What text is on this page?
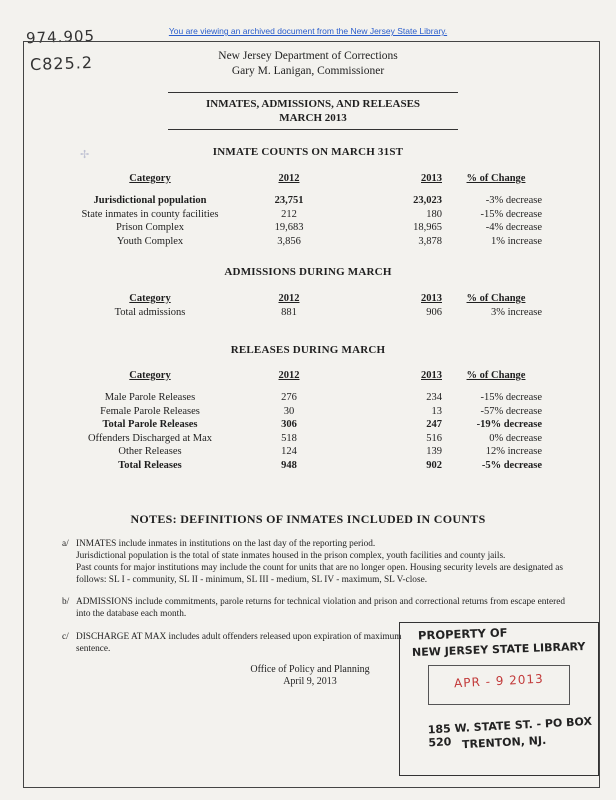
You are viewing an archived document from the New Jersey State Library.
974.905
C825.2	New Jersey Department of Corrections
Gary M. Lanigan, Commissioner
INMATES, ADMISSIONS, AND RELEASES
MARCH 2013
INMATE COUNTS ON MARCH 31ST
Category	2012	2013	% of Change
Jurisdictional population	23,751	23,023	-3% decrease
State inmates in county facilities	212	180	-15% decrease
Prison Complex	19,683	18,965	-4% decrease
Youth Complex	3,856	3,878	1% increase
ADMISSIONS DURING MARCH
Category	2012	2013	% of Change
Total admissions	881	906	3% increase
RELEASES DURING MARCH
Category	2012	2013	% of Change
Male Parole Releases	276	234	-15% decrease
Female Parole Releases	30	13	-57% decrease
Total Parole Releases	306	247	-19% decrease
Offenders Discharged at Max	518	516	0% decrease
Other Releases	124	139	12% increase
Total Releases	948	902	-5% decrease
NOTES: DEFINITIONS OF INMATES INCLUDED IN COUNTS
a/ INMATES include inmates in institutions on the last day of the reporting period.
Jurisdictional population is the total of state inmates housed in the prison complex, youth facilities and county jails.
Past counts for major institutions may include the count for units that are no longer open. Housing security levels are designated as follows: SL I - community, SL II - minimum, SL III - medium, SL IV - maximum, SL V-close.
b/ ADMISSIONS include commitments, parole returns for technical violation and prison and correctional returns from escape entered into the database each month.
c/ DISCHARGE AT MAX includes adult offenders released upon expiration of maximum sentence.
Office of Policy and Planning
April 9, 2013
PROPERTY OF
NEW JERSEY STATE LIBRARY
APR - 9 2013
185 W. STATE ST. - PO BOX 520 TRENTON, NJ.
✢
